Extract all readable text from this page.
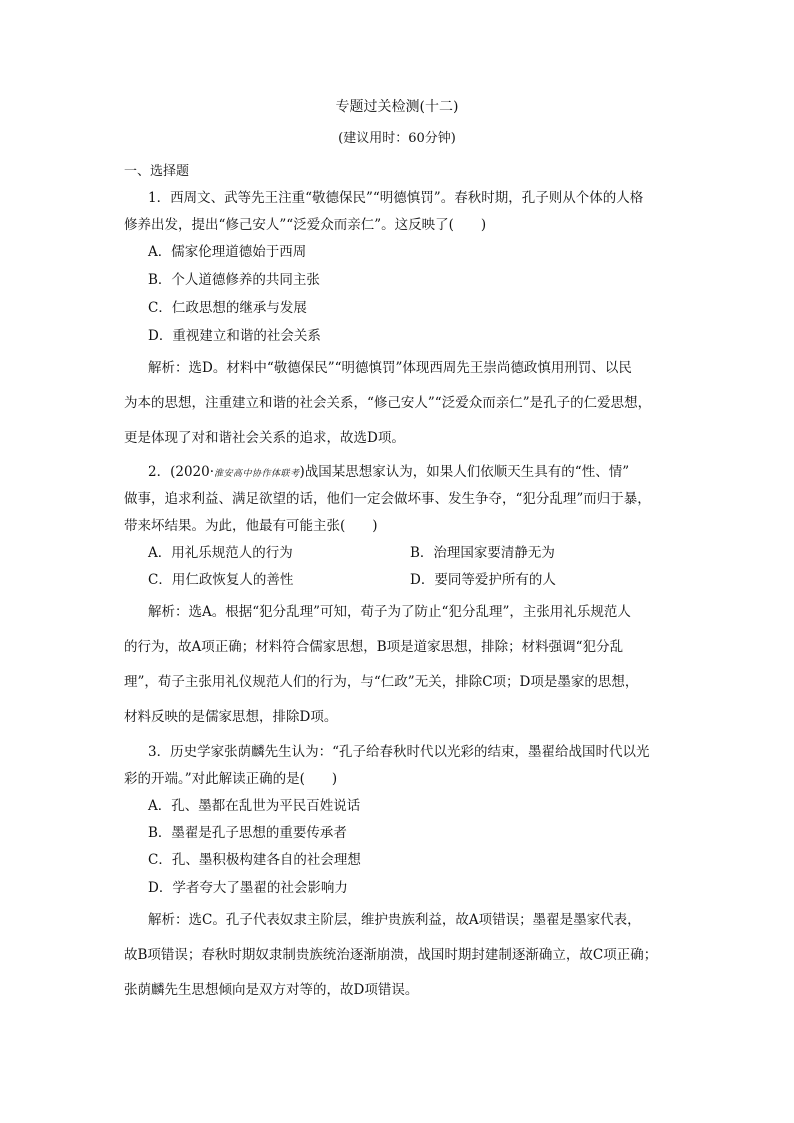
专题过关检测(十二)
(建议用时：60分钟)
一、选择题
1．西周文、武等先王注重“敬德保民”“明德慎罚”。春秋时期，孔子则从个体的人格
修养出发，提出“修己安人”“泛爱众而亲仁”。这反映了(　　)
A．儒家伦理道德始于西周
B．个人道德修养的共同主张
C．仁政思想的继承与发展
D．重视建立和谐的社会关系
解析：选D。材料中“敬德保民”“明德慎罚”体现西周先王崇尚德政慎用刑罚、以民
为本的思想，注重建立和谐的社会关系，“修己安人”“泛爱众而亲仁”是孔子的仁爱思想，
更是体现了对和谐社会关系的追求，故选D项。
2．(2020·淮安高中协作体联考)战国某思想家认为，如果人们依顺天生具有的“性、情”
做事，追求利益、满足欲望的话，他们一定会做坏事、发生争夺，“犯分乱理”而归于暴，
带来坏结果。为此，他最有可能主张(　　)
A．用礼乐规范人的行为	B．治理国家要清静无为
C．用仁政恢复人的善性	D．要同等爱护所有的人
解析：选A。根据“犯分乱理”可知，荀子为了防止“犯分乱理”，主张用礼乐规范人
的行为，故A项正确；材料符合儒家思想，B项是道家思想，排除；材料强调“犯分乱
理”，荀子主张用礼仪规范人们的行为，与“仁政”无关，排除C项；D项是墨家的思想，
材料反映的是儒家思想，排除D项。
3．历史学家张荫麟先生认为：“孔子给春秋时代以光彩的结束，墨翟给战国时代以光
彩的开端。”对此解读正确的是(　　)
A．孔、墨都在乱世为平民百姓说话
B．墨翟是孔子思想的重要传承者
C．孔、墨积极构建各自的社会理想
D．学者夸大了墨翟的社会影响力
解析：选C。孔子代表奴隶主阶层，维护贵族利益，故A项错误；墨翟是墨家代表，
故B项错误；春秋时期奴隶制贵族统治逐渐崩溃，战国时期封建制逐渐确立，故C项正确；
张荫麟先生思想倾向是双方对等的，故D项错误。
